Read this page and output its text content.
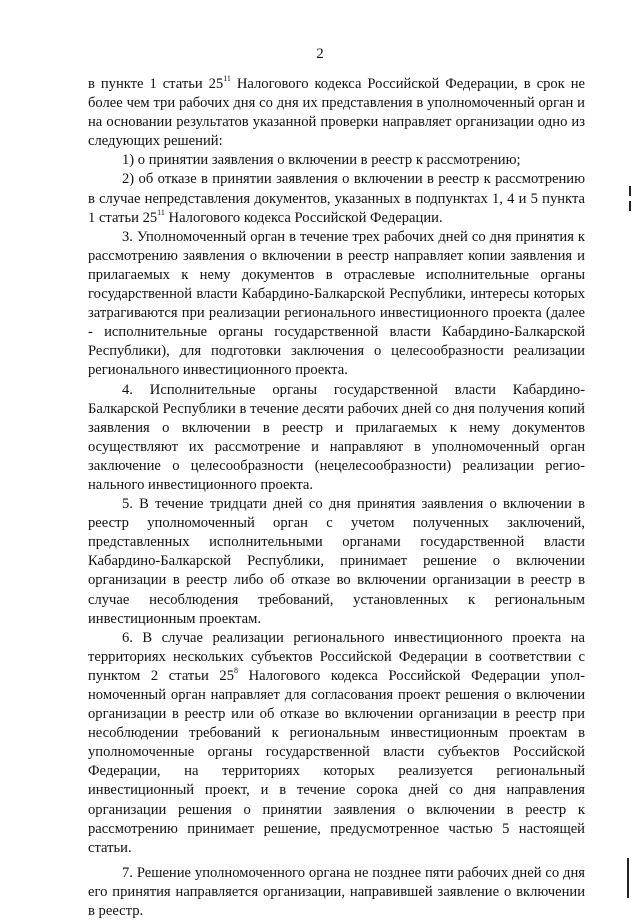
2

в пункте 1 статьи $25^{11}$ Налогового кодекса Российской Федерации, в срок не более чем три рабочих дня со дня их представления в уполномоченный орган и на основании результатов указанной проверки направляет организации одно из следующих решений:

1) о принятии заявления о включении в реестр к рассмотрению;

2) об отказе в принятии заявления о включении в реестр к рассмотрению в случае непредставления документов, указанных в подпунктах 1, 4 и 5 пункта 1 статьи $25^{11}$ Налогового кодекса Российской Федерации.

3. Уполномоченный орган в течение трех рабочих дней со дня принятия к рассмотрению заявления о включении в реестр направляет копии заявления и прилагаемых к нему документов в отраслевые исполнительные органы государственной власти Кабардино-Балкарской Республики, интересы которых затрагиваются при реализации регионального инвестиционного проекта (далее - исполнительные органы государственной власти Кабардино-Балкарской Республики), для подготовки заключения о целесообразности реализации регионального инвестиционного проекта.

4. Исполнительные органы государственной власти Кабардино-Балкарской Республики в течение десяти рабочих дней со дня получения копий заявления о включении в реестр и прилагаемых к нему документов осуществляют их рассмотрение и направляют в уполномоченный орган заключение о целесообразности (нецелесообразности) реализации регионального инвестиционного проекта.

5. В течение тридцати дней со дня принятия заявления о включении в реестр уполномоченный орган с учетом полученных заключений, представленных исполнительными органами государственной власти Кабардино-Балкарской Республики, принимает решение о включении организации в реестр либо об отказе во включении организации в реестр в случае несоблюдения требований, установленных к региональным инвестиционным проектам.

6. В случае реализации регионального инвестиционного проекта на территориях нескольких субъектов Российской Федерации в соответствии с пунктом 2 статьи $25^8$ Налогового кодекса Российской Федерации уполномоченный орган направляет для согласования проект решения о включении организации в реестр или об отказе во включении организации в реестр при несоблюдении требований к региональным инвестиционным проектам в уполномоченные органы государственной власти субъектов Российской Федерации, на территориях которых реализуется региональный инвестиционный проект, и в течение сорока дней со дня направления организации решения о принятии заявления о включении в реестр к рассмотрению принимает решение, предусмотренное частью 5 настоящей статьи.

7. Решение уполномоченного органа не позднее пяти рабочих дней со дня его принятия направляется организации, направившей заявление о включении в реестр.
